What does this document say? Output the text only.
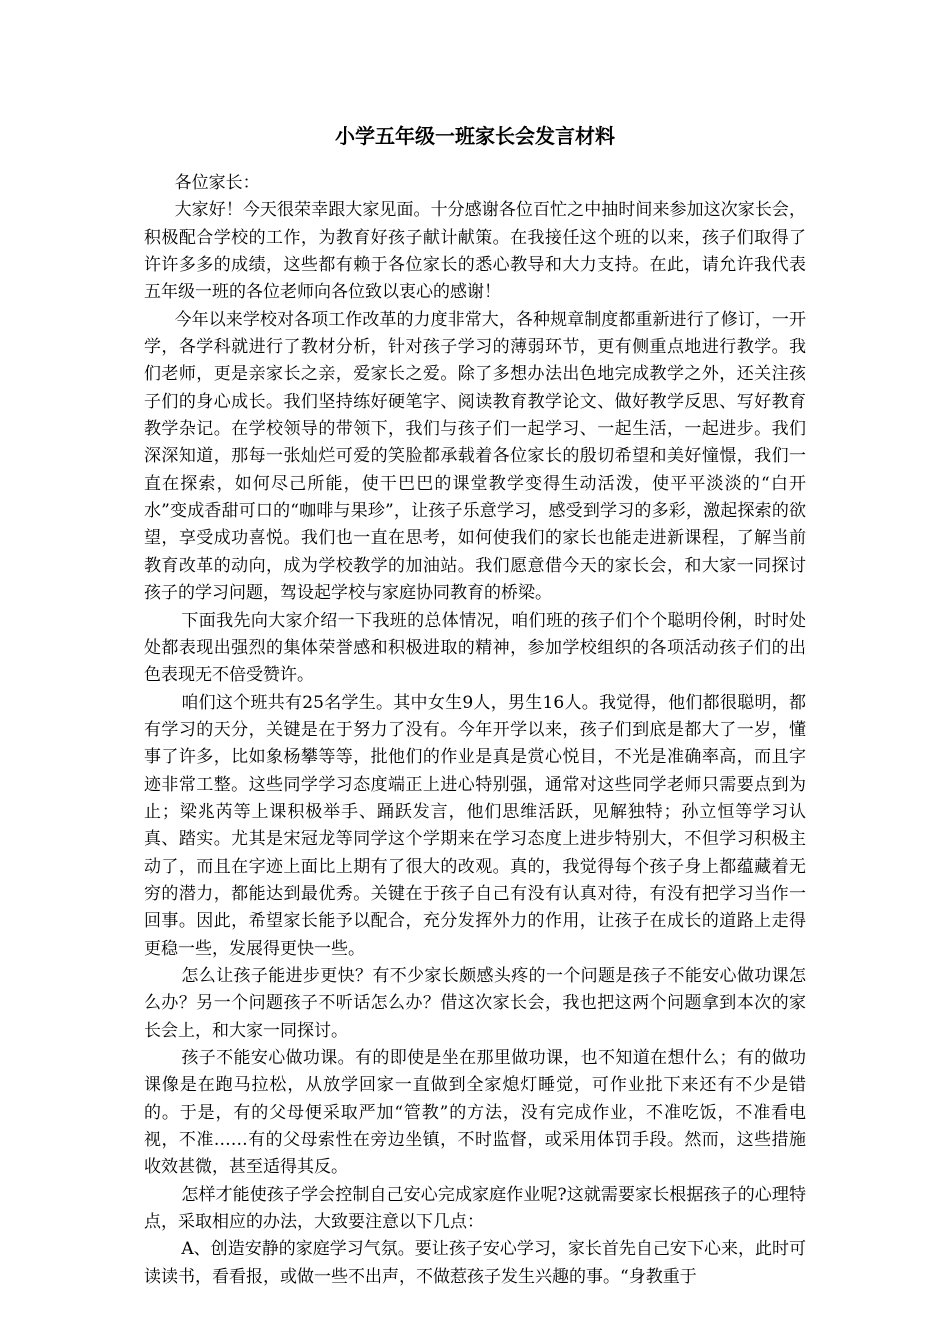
小学五年级一班家长会发言材料

各位家长：

大家好！今天很荣幸跟大家见面。十分感谢各位百忙之中抽时间来参加这次家长会，积极配合学校的工作，为教育好孩子献计献策。在我接任这个班的以来，孩子们取得了许许多多的成绩，这些都有赖于各位家长的悉心教导和大力支持。在此，请允许我代表五年级一班的各位老师向各位致以衷心的感谢！

今年以来学校对各项工作改革的力度非常大，各种规章制度都重新进行了修订，一开学，各学科就进行了教材分析，针对孩子学习的薄弱环节，更有侧重点地进行教学。我们老师，更是亲家长之亲，爱家长之爱。除了多想办法出色地完成教学之外，还关注孩子们的身心成长。我们坚持练好硬笔字、阅读教育教学论文、做好教学反思、写好教育教学杂记。在学校领导的带领下，我们与孩子们一起学习、一起生活，一起进步。我们深深知道，那每一张灿烂可爱的笑脸都承载着各位家长的殷切希望和美好憧憬，我们一直在探索，如何尽己所能，使干巴巴的课堂教学变得生动活泼，使平平淡淡的“白开水”变成香甜可口的“咖啡与果珍”，让孩子乐意学习，感受到学习的多彩，激起探索的欲望，享受成功喜悦。我们也一直在思考，如何使我们的家长也能走进新课程，了解当前教育改革的动向，成为学校教学的加油站。我们愿意借今天的家长会，和大家一同探讨孩子的学习问题，驾设起学校与家庭协同教育的桥梁。

下面我先向大家介绍一下我班的总体情况，咱们班的孩子们个个聪明伶俐，时时处处都表现出强烈的集体荣誉感和积极进取的精神，参加学校组织的各项活动孩子们的出色表现无不倍受赞许。

咱们这个班共有25名学生。其中女生9人，男生16人。我觉得，他们都很聪明，都有学习的天分，关键是在于努力了没有。今年开学以来，孩子们到底是都大了一岁，懂事了许多，比如象杨攀等等，批他们的作业是真是赏心悦目，不光是准确率高，而且字迹非常工整。这些同学学习态度端正上进心特别强，通常对这些同学老师只需要点到为止；梁兆芮等上课积极举手、踊跃发言，他们思维活跃，见解独特；孙立恒等学习认真、踏实。尤其是宋冠龙等同学这个学期来在学习态度上进步特别大，不但学习积极主动了，而且在字迹上面比上期有了很大的改观。真的，我觉得每个孩子身上都蕴藏着无穷的潜力，都能达到最优秀。关键在于孩子自己有没有认真对待，有没有把学习当作一回事。因此，希望家长能予以配合，充分发挥外力的作用，让孩子在成长的道路上走得更稳一些，发展得更快一些。

怎么让孩子能进步更快？有不少家长颇感头疼的一个问题是孩子不能安心做功课怎么办？另一个问题孩子不听话怎么办？借这次家长会，我也把这两个问题拿到本次的家长会上，和大家一同探讨。

孩子不能安心做功课。有的即使是坐在那里做功课，也不知道在想什么；有的做功课像是在跑马拉松，从放学回家一直做到全家熄灯睡觉，可作业批下来还有不少是错的。于是，有的父母便采取严加“管教”的方法，没有完成作业，不准吃饭，不准看电视，不准……有的父母索性在旁边坐镇，不时监督，或采用体罚手段。然而，这些措施收效甚微，甚至适得其反。

怎样才能使孩子学会控制自己安心完成家庭作业呢?这就需要家长根据孩子的心理特点，采取相应的办法，大致要注意以下几点：

A、创造安静的家庭学习气氛。要让孩子安心学习，家长首先自己安下心来，此时可读读书，看看报，或做一些不出声，不做惹孩子发生兴趣的事。“身教重于
